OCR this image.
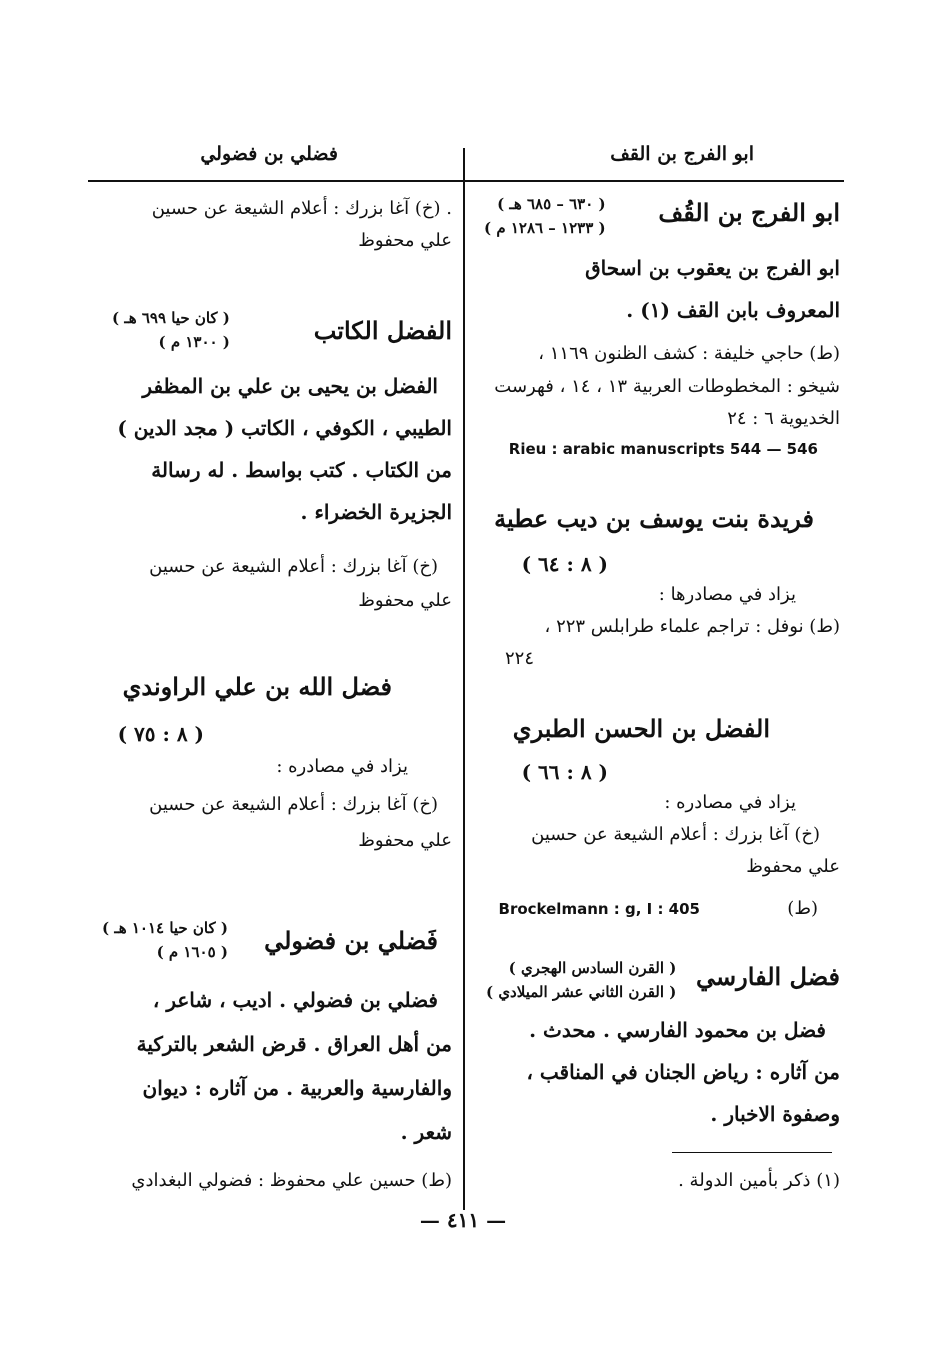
ابو الفرج بن القف
فضلي بن فضولي
ابو الفرج بن القُف
( ٦٣٠ – ٦٨٥ هـ )
( ١٢٣٣ – ١٢٨٦ م )
ابو الفرج بن يعقوب بن اسحاق
المعروف بابن القف (١) .
(ط) حاجي خليفة : كشف الظنون ١١٦٩ ،
شيخو : المخطوطات العربية ١٣ ، ١٤ ، فهرست
الخديوية ٦ : ٢٤
Rieu : arabic manuscripts 544 — 546
فريدة بنت يوسف بن ديب عطية
( ٨ : ٦٤ )
يزاد في مصادرها :
(ط) نوفل : تراجم علماء طرابلس ٢٢٣ ،
٢٢٤
الفضل بن الحسن الطبري
( ٨ : ٦٦ )
يزاد في مصادره :
(خ) آغا بزرك : أعلام الشيعة عن حسين
علي محفوظ
(ط)
Brockelmann : g, I : 405
فضل الفارسي
( القرن السادس الهجري )
( القرن الثاني عشر الميلادي )
فضل بن محمود الفارسي . محدث .
من آثاره : رياض الجنان في المناقب ،
وصفوة الاخبار .
(١) ذكر بأمين الدولة .
. (خ) آغا بزرك : أعلام الشيعة عن حسين
علي محفوظ
الفضل الكاتب
( كان حيا ٦٩٩ هـ )
( ١٣٠٠ م )
الفضل بن يحيى بن علي بن المظفر
الطيبي ، الكوفي ، الكاتب ( مجد الدين )
من الكتاب . كتب بواسط . له رسالة
الجزيرة الخضراء .
(خ) آغا بزرك : أعلام الشيعة عن حسين
علي محفوظ
فضل الله بن علي الراوندي
( ٨ : ٧٥ )
يزاد في مصادره :
(خ) آغا بزرك : أعلام الشيعة عن حسين
علي محفوظ
فَضلي بن فضولي
( كان حيا ١٠١٤ هـ )
( ١٦٠٥ م )
فضلي بن فضولي . اديب ، شاعر ،
من أهل العراق . قرض الشعر بالتركية
والفارسية والعربية . من آثاره : ديوان
شعر .
(ط) حسين علي محفوظ : فضولي البغدادي
— ٤١١ —
